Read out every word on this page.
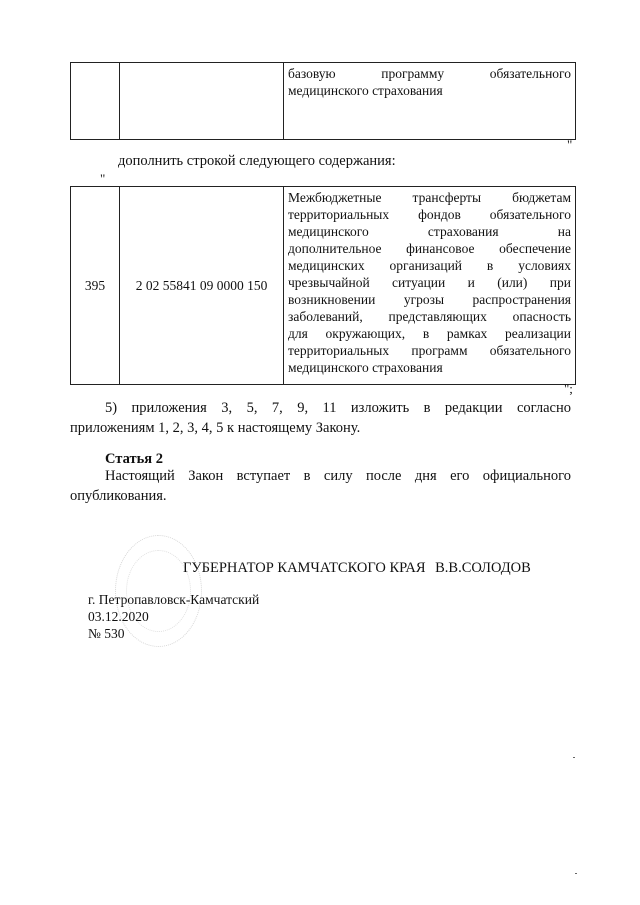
базовую программу обязательного
медицинского страхования
"
дополнить строкой следующего содержания:
"
395	2 02 55841 09 0000 150	
Межбюджетные трансферты бюджетам
территориальных фондов обязательного
медицинского страхования на
дополнительное финансовое обеспечение
медицинских организаций в условиях
чрезвычайной ситуации и (или) при
возникновении угрозы распространения
заболеваний, представляющих опасность
для окружающих, в рамках реализации
территориальных программ обязательного
медицинского страхования
";
5) приложения 3, 5, 7, 9, 11 изложить в редакции согласно
приложениям 1, 2, 3, 4, 5 к настоящему Закону.
Статья 2
Настоящий Закон вступает в силу после дня его официального
опубликования.
ГУБЕРНАТОР КАМЧАТСКОГО КРАЯ В.В.СОЛОДОВ
г. Петропавловск-Камчатский
03.12.2020
№ 530
